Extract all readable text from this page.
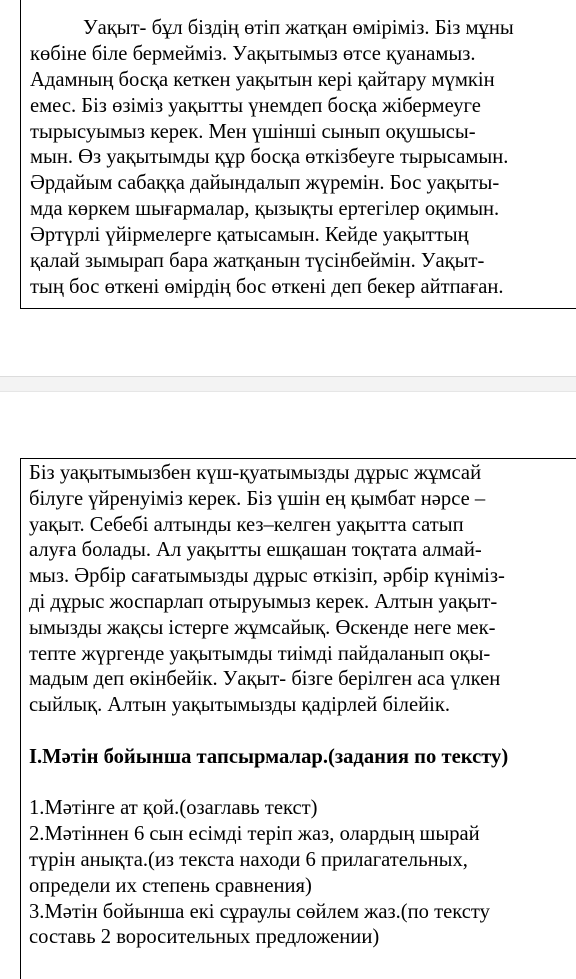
Уақыт- бұл біздің өтіп жатқан өміріміз. Біз мұны
көбіне біле бермейміз. Уақытымыз өтсе қуанамыз.
Адамның босқа кеткен уақытын кері қайтару мүмкін
емес. Біз өзіміз уақытты үнемдеп босқа жібермеуге
тырысуымыз керек. Мен үшінші сынып оқушысы-
мын. Өз уақытымды құр босқа өткізбеуге тырысамын.
Әрдайым сабаққа дайындалып жүремін. Бос уақыты-
мда көркем шығармалар, қызықты ертегілер оқимын.
Әртүрлі үйірмелерге қатысамын. Кейде уақыттың
қалай зымырап бара жатқанын түсінбеймін. Уақыт-
тың бос өткені өмірдің бос өткені деп бекер айтпаған.
Біз уақытымызбен күш-қуатымызды дұрыс жұмсай
білуге үйренуіміз керек. Біз үшін ең қымбат нәрсе –
уақыт. Себебі алтынды кез–келген уақытта сатып
алуға болады. Ал уақытты ешқашан тоқтата алмай-
мыз. Әрбір сағатымызды дұрыс өткізіп, әрбір күніміз-
ді дұрыс жоспарлап отыруымыз керек. Алтын уақыт-
ымызды жақсы істерге жұмсайық. Өскенде неге мек-
тепте жүргенде уақытымды тиімді пайдаланып оқы-
мадым деп өкінбейік. Уақыт- бізге берілген аса үлкен
сыйлық. Алтын уақытымызды қадірлей білейік.
І.Мәтін бойынша тапсырмалар.(задания по тексту)
1.Мәтінге ат қой.(озаглавь текст)
2.Мәтіннен 6 сын есімді теріп жаз, олардың шырай
түрін анықта.(из текста находи 6 прилагательных,
определи их степень сравнения)
3.Мәтін бойынша екі сұраулы сөйлем жаз.(по тексту
составь 2 воросительных предложении)
